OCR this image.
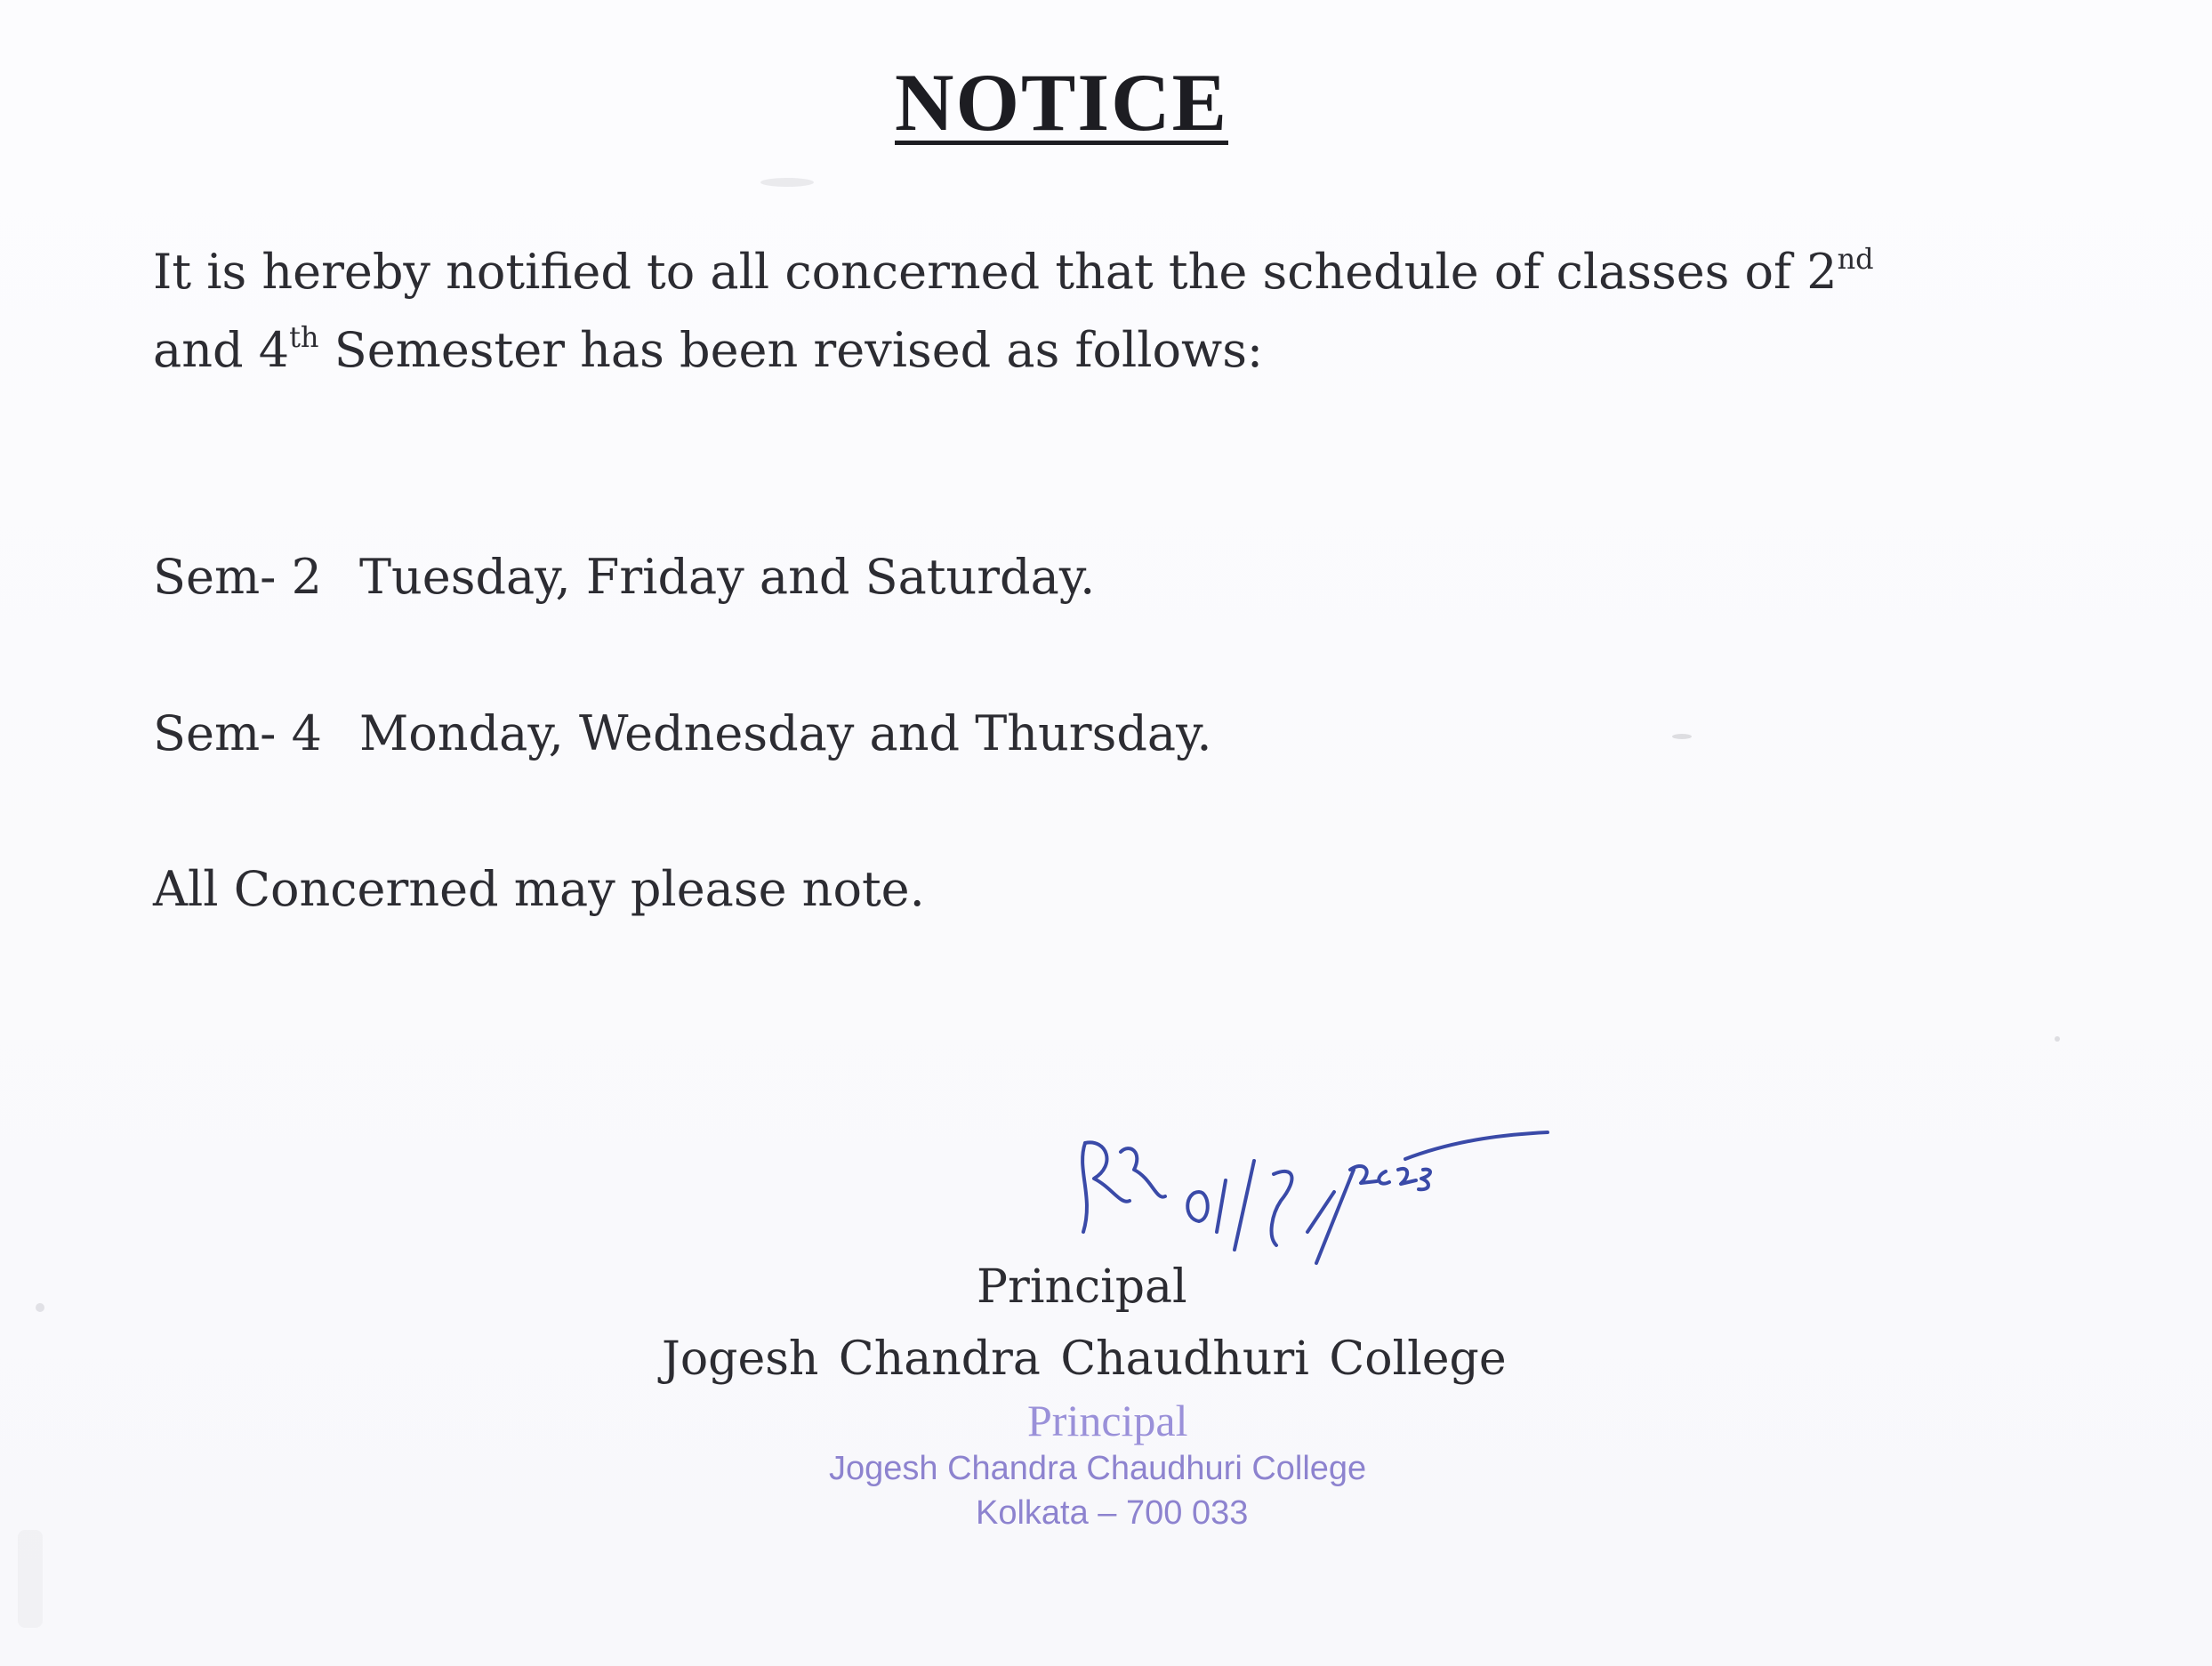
NOTICE
It is hereby notified to all concerned that the schedule of classes of 2nd
and 4th Semester has been revised as follows:
Sem- 2 Tuesday, Friday and Saturday.
Sem- 4 Monday, Wednesday and Thursday.
All Concerned may please note.
Principal
Jogesh Chandra Chaudhuri College
Principal
Jogesh Chandra Chaudhuri College
Kolkata – 700 033
